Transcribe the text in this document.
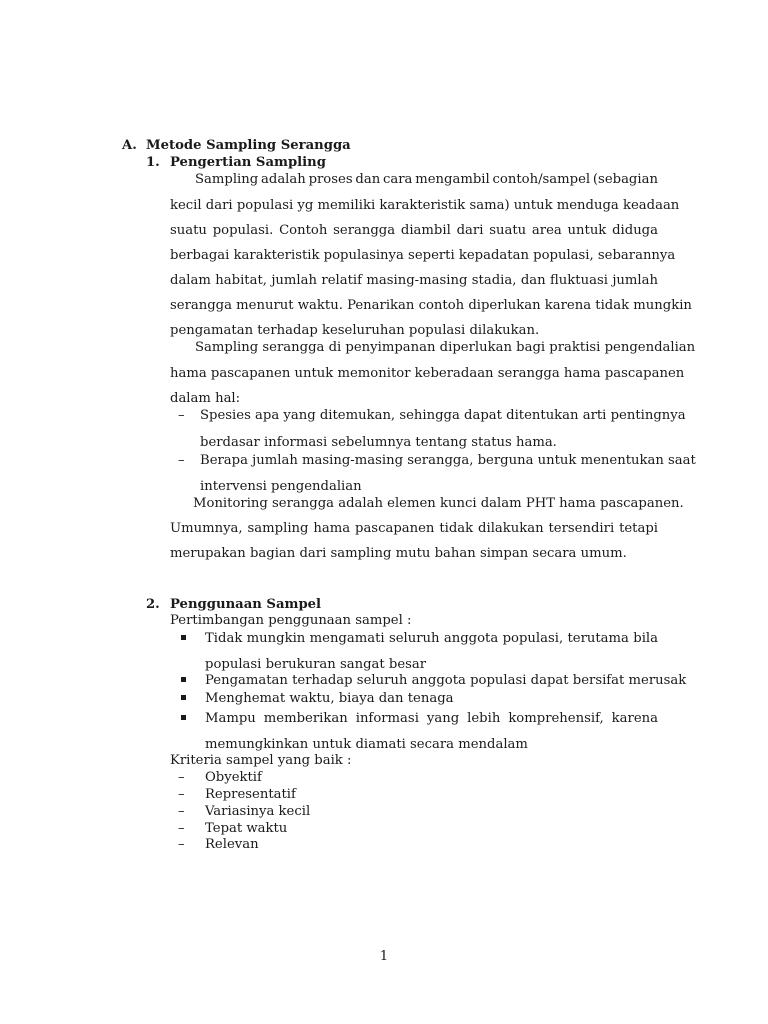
A. Metode Sampling Serangga
1. Pengertian Sampling
Sampling adalah proses dan cara mengambil contoh/sampel (sebagian
kecil dari populasi yg memiliki karakteristik sama) untuk menduga keadaan
suatu populasi. Contoh serangga diambil dari suatu area untuk diduga
berbagai karakteristik populasinya seperti kepadatan populasi, sebarannya
dalam habitat, jumlah relatif masing-masing stadia, dan fluktuasi jumlah
serangga menurut waktu. Penarikan contoh diperlukan karena tidak mungkin
pengamatan terhadap keseluruhan populasi dilakukan.
Sampling serangga di penyimpanan diperlukan bagi praktisi pengendalian
hama pascapanen untuk memonitor keberadaan serangga hama pascapanen
dalam hal:
– Spesies apa yang ditemukan, sehingga dapat ditentukan arti pentingnya
berdasar informasi sebelumnya tentang status hama.
– Berapa jumlah masing-masing serangga, berguna untuk menentukan saat
intervensi pengendalian
Monitoring serangga adalah elemen kunci dalam PHT hama pascapanen.
Umumnya, sampling hama pascapanen tidak dilakukan tersendiri tetapi
merupakan bagian dari sampling mutu bahan simpan secara umum.
2. Penggunaan Sampel
Pertimbangan penggunaan sampel :
Tidak mungkin mengamati seluruh anggota populasi, terutama bila
populasi berukuran sangat besar
Pengamatan terhadap seluruh anggota populasi dapat bersifat merusak
Menghemat waktu, biaya dan tenaga
Mampu memberikan informasi yang lebih komprehensif, karena
memungkinkan untuk diamati secara mendalam
Kriteria sampel yang baik :
– Obyektif
– Representatif
– Variasinya kecil
– Tepat waktu
– Relevan
1
